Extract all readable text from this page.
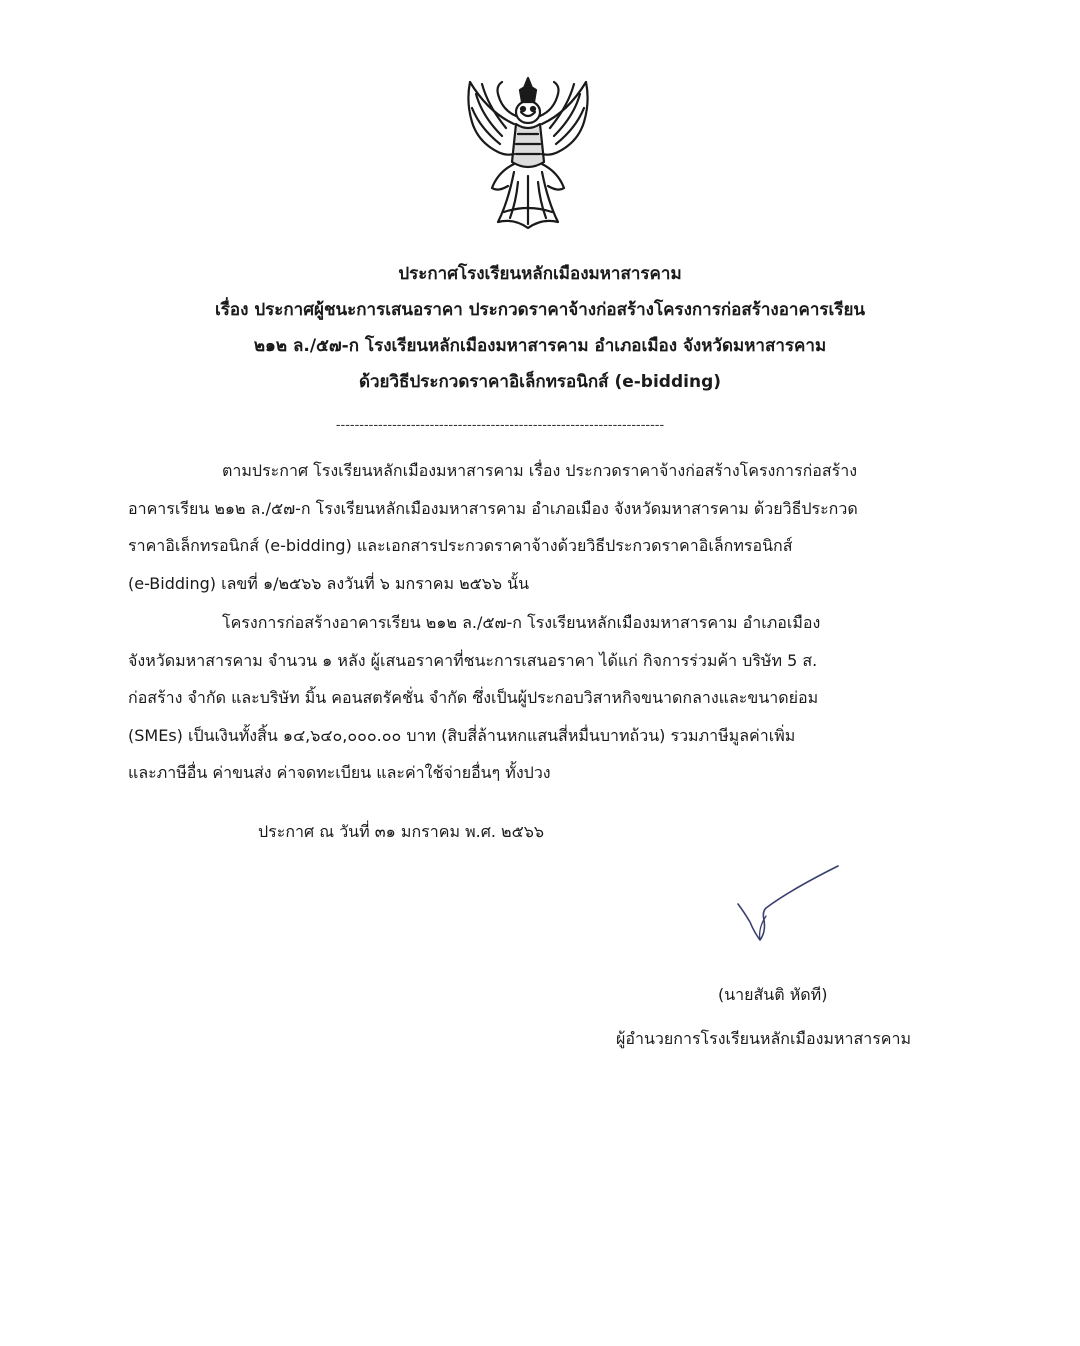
ประกาศโรงเรียนหลักเมืองมหาสารคาม
เรื่อง ประกาศผู้ชนะการเสนอราคา ประกวดราคาจ้างก่อสร้างโครงการก่อสร้างอาคารเรียน
๒๑๒ ล./๕๗-ก โรงเรียนหลักเมืองมหาสารคาม อำเภอเมือง จังหวัดมหาสารคาม
ด้วยวิธีประกวดราคาอิเล็กทรอนิกส์ (e-bidding)
----------------------------------------------------------------------
ตามประกาศ โรงเรียนหลักเมืองมหาสารคาม เรื่อง ประกวดราคาจ้างก่อสร้างโครงการก่อสร้าง
อาคารเรียน ๒๑๒ ล./๕๗-ก โรงเรียนหลักเมืองมหาสารคาม อำเภอเมือง จังหวัดมหาสารคาม ด้วยวิธีประกวด
ราคาอิเล็กทรอนิกส์ (e-bidding) และเอกสารประกวดราคาจ้างด้วยวิธีประกวดราคาอิเล็กทรอนิกส์
(e-Bidding) เลขที่ ๑/๒๕๖๖ ลงวันที่ ๖ มกราคม ๒๕๖๖ นั้น
โครงการก่อสร้างอาคารเรียน ๒๑๒ ล./๕๗-ก โรงเรียนหลักเมืองมหาสารคาม อำเภอเมือง
จังหวัดมหาสารคาม จำนวน ๑ หลัง ผู้เสนอราคาที่ชนะการเสนอราคา ได้แก่ กิจการร่วมค้า บริษัท 5 ส.
ก่อสร้าง จำกัด และบริษัท มิ้น คอนสตรัคชั่น จำกัด ซึ่งเป็นผู้ประกอบวิสาหกิจขนาดกลางและขนาดย่อม
(SMEs) เป็นเงินทั้งสิ้น ๑๔,๖๔๐,๐๐๐.๐๐ บาท (สิบสี่ล้านหกแสนสี่หมื่นบาทถ้วน) รวมภาษีมูลค่าเพิ่ม
และภาษีอื่น ค่าขนส่ง ค่าจดทะเบียน และค่าใช้จ่ายอื่นๆ ทั้งปวง
ประกาศ ณ วันที่ ๓๑ มกราคม พ.ศ. ๒๕๖๖
(นายสันติ หัดที)
ผู้อำนวยการโรงเรียนหลักเมืองมหาสารคาม
